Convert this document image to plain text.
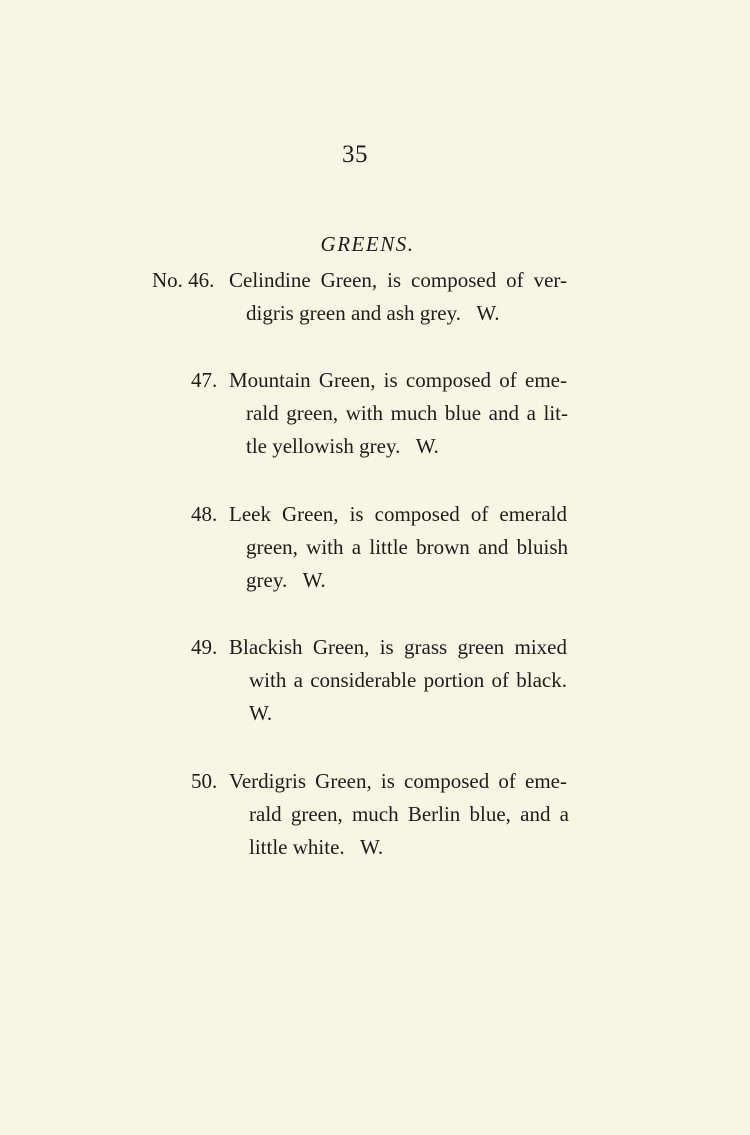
35
GREENS.
No. 46. Celindine Green, is composed of ver-
digris green and ash grey.   W.
47. Mountain Green, is composed of eme-
rald green, with much blue and a lit-
tle yellowish grey.   W.
48. Leek Green, is composed of emerald
green, with a little brown and bluish
grey.   W.
49. Blackish Green, is grass green mixed
with a considerable portion of black.
W.
50. Verdigris Green, is composed of eme-
rald green, much Berlin blue, and a
little white.   W.
